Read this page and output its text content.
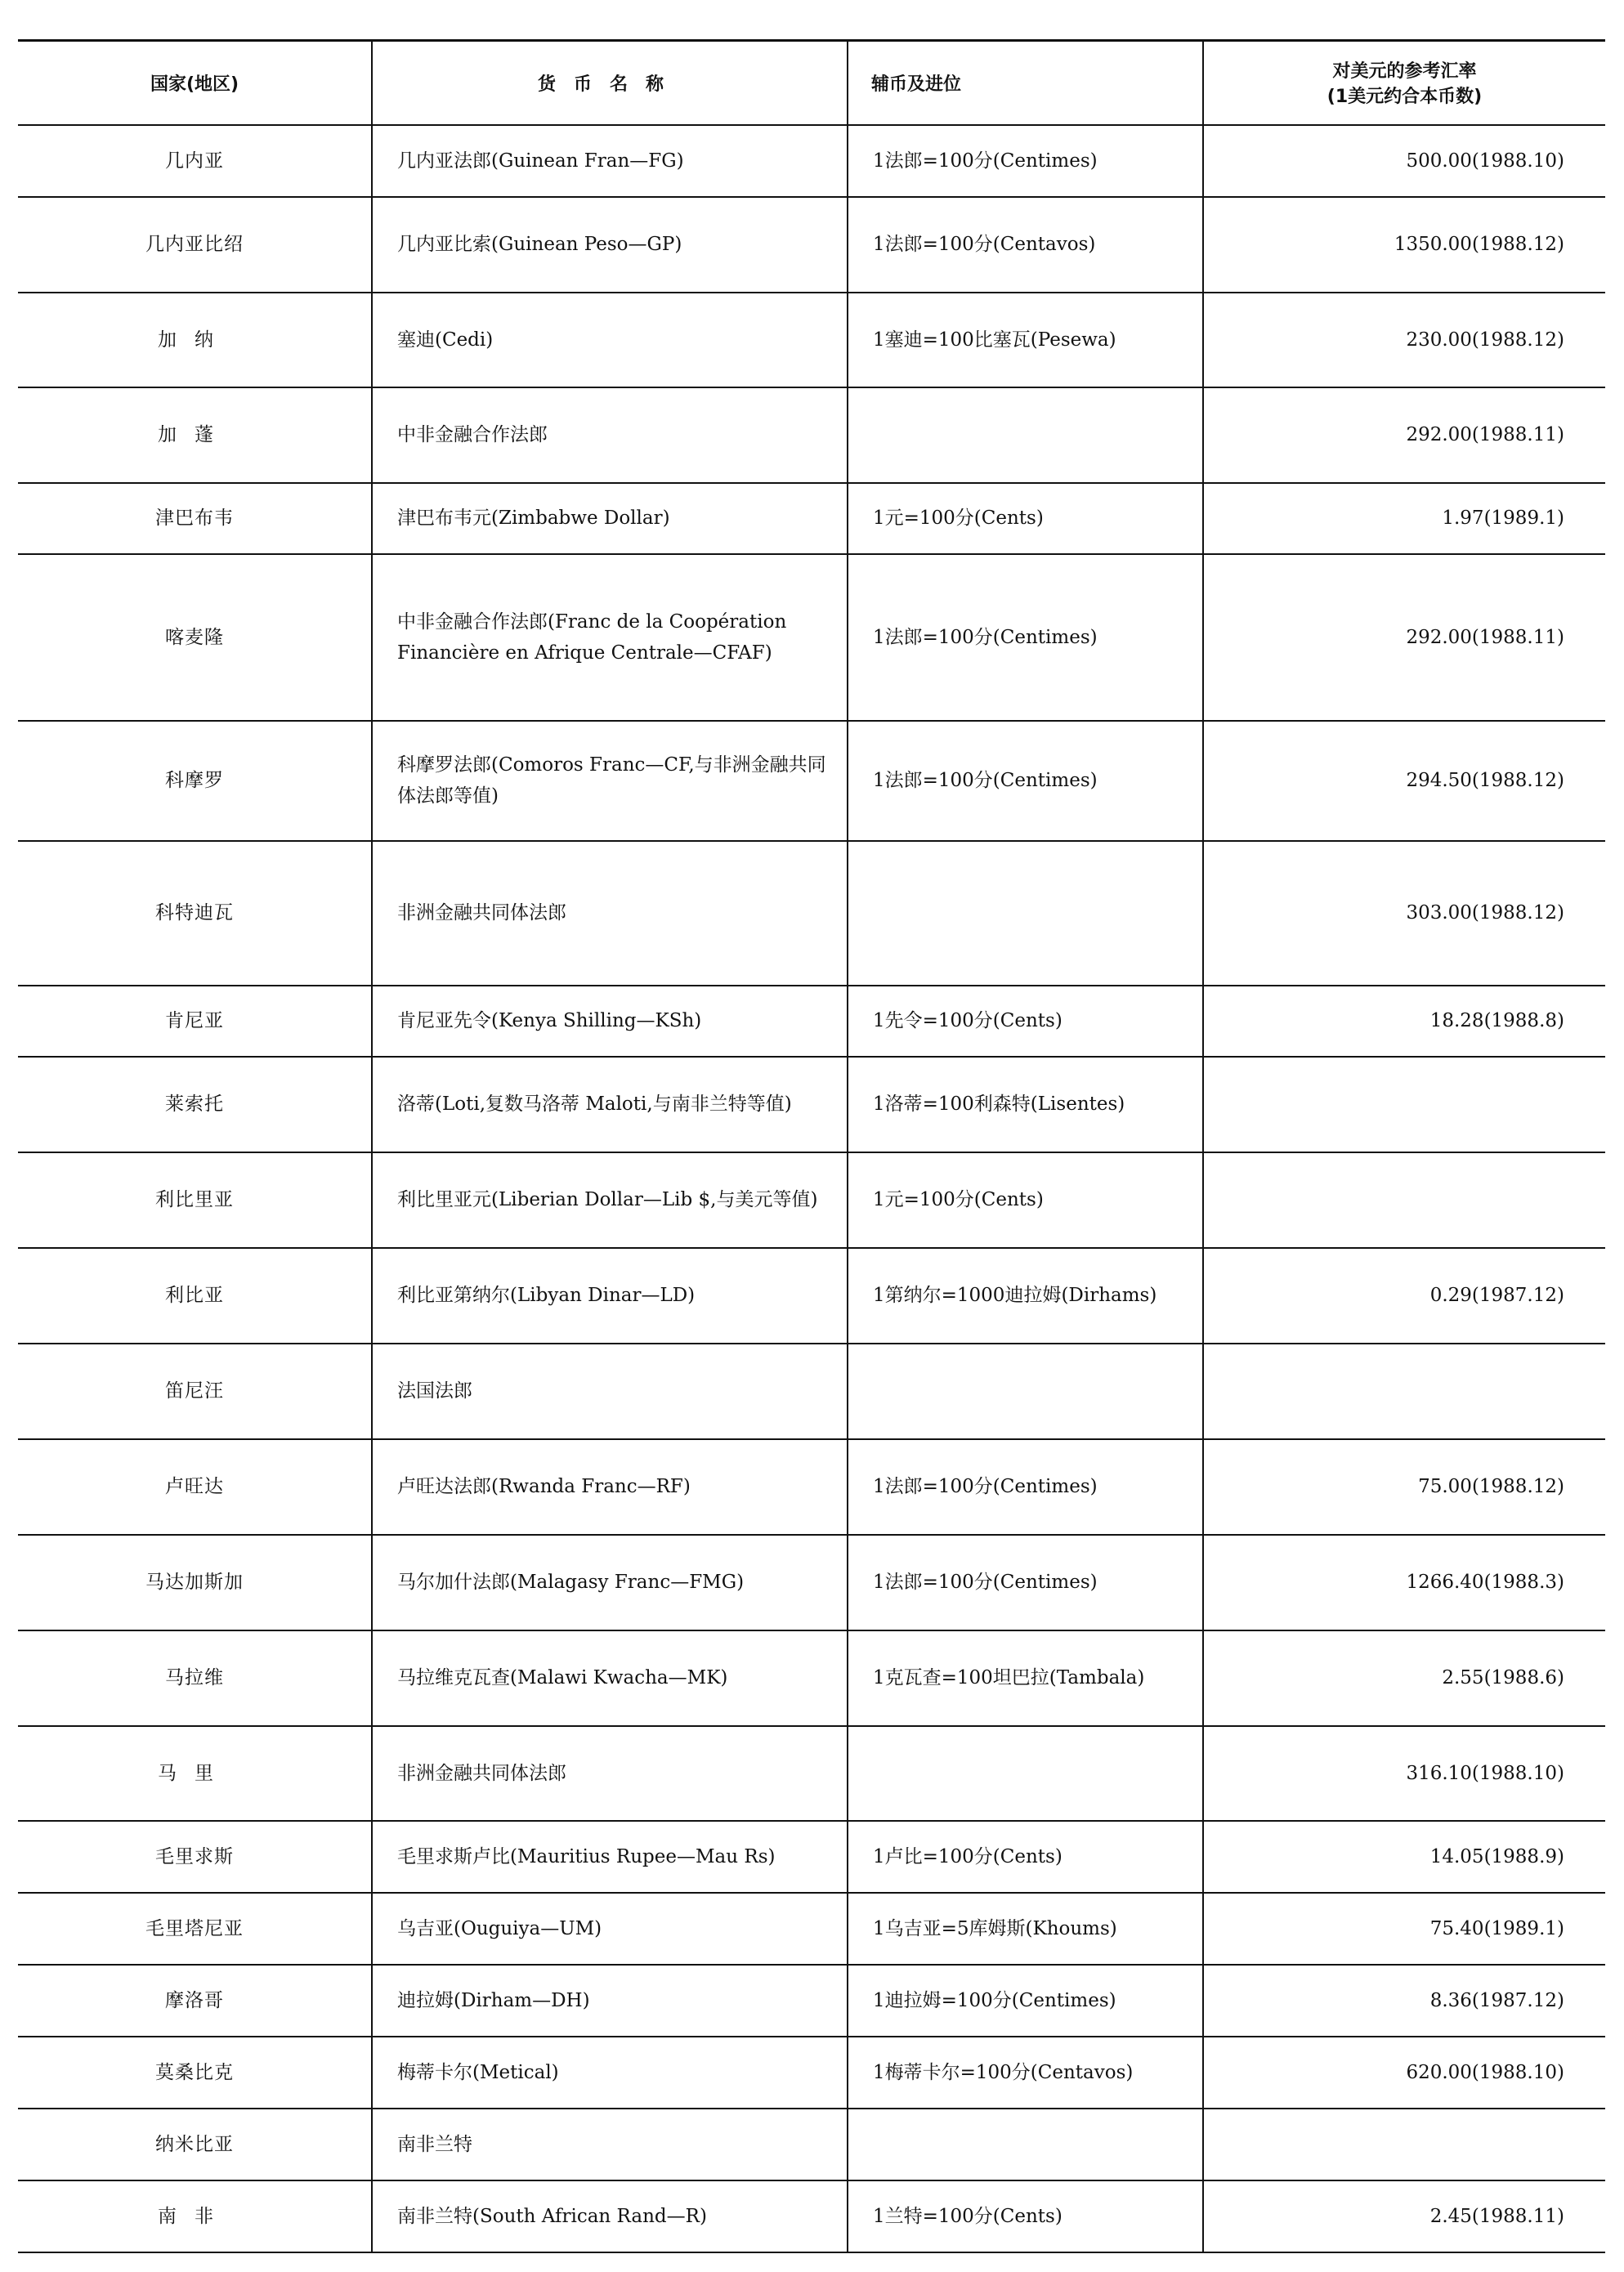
国家(地区)	货币名称	辅币及进位	对美元的参考汇率
(1美元约合本币数)

几内亚	几内亚法郎(Guinean Fran—FG)	1法郎=100分(Centimes)	500.00(1988.10)
几内亚比绍	几内亚比索(Guinean Peso—GP)	1法郎=100分(Centavos)	1350.00(1988.12)
加纳	塞迪(Cedi)	1塞迪=100比塞瓦(Pesewa)	230.00(1988.12)
加蓬	中非金融合作法郎		292.00(1988.11)
津巴布韦	津巴布韦元(Zimbabwe Dollar)	1元=100分(Cents)	1.97(1989.1)
喀麦隆	中非金融合作法郎(Franc de la Coopération Financière en Afrique Centrale—CFAF)	1法郎=100分(Centimes)	292.00(1988.11)
科摩罗	科摩罗法郎(Comoros Franc—CF,与非洲金融共同体法郎等值)	1法郎=100分(Centimes)	294.50(1988.12)
科特迪瓦	非洲金融共同体法郎		303.00(1988.12)
肯尼亚	肯尼亚先令(Kenya Shilling—KSh)	1先令=100分(Cents)	18.28(1988.8)
莱索托	洛蒂(Loti,复数马洛蒂 Maloti,与南非兰特等值)	1洛蒂=100利森特(Lisentes)	
利比里亚	利比里亚元(Liberian Dollar—Lib $,与美元等值)	1元=100分(Cents)	
利比亚	利比亚第纳尔(Libyan Dinar—LD)	1第纳尔=1000迪拉姆(Dirhams)	0.29(1987.12)
笛尼汪	法国法郎		
卢旺达	卢旺达法郎(Rwanda Franc—RF)	1法郎=100分(Centimes)	75.00(1988.12)
马达加斯加	马尔加什法郎(Malagasy Franc—FMG)	1法郎=100分(Centimes)	1266.40(1988.3)
马拉维	马拉维克瓦查(Malawi Kwacha—MK)	1克瓦查=100坦巴拉(Tambala)	2.55(1988.6)
马里	非洲金融共同体法郎		316.10(1988.10)
毛里求斯	毛里求斯卢比(Mauritius Rupee—Mau Rs)	1卢比=100分(Cents)	14.05(1988.9)
毛里塔尼亚	乌吉亚(Ouguiya—UM)	1乌吉亚=5库姆斯(Khoums)	75.40(1989.1)
摩洛哥	迪拉姆(Dirham—DH)	1迪拉姆=100分(Centimes)	8.36(1987.12)
莫桑比克	梅蒂卡尔(Metical)	1梅蒂卡尔=100分(Centavos)	620.00(1988.10)
纳米比亚	南非兰特		
南非	南非兰特(South African Rand—R)	1兰特=100分(Cents)	2.45(1988.11)
